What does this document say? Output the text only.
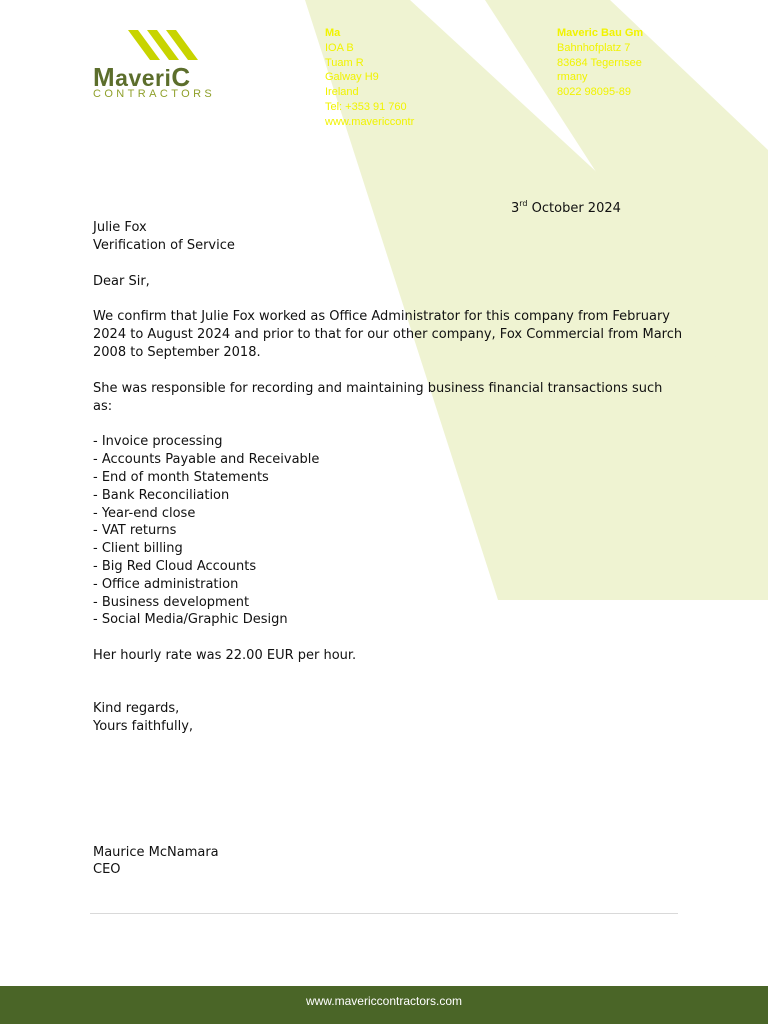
MaveriC
CONTRACTORS
Ma
IOA B
Tuam R
Galway H9
Ireland
Tel: +353 91 760
www.mavericcontr
Maveric Bau Gm
Bahnhofplatz 7
83684 Tegernsee
rmany
8022 98095-89
3rd October 2024

Julie Fox

Verification of Service

Dear Sir,

We confirm that Julie Fox worked as Office Administrator for this company from February 2024 to August 2024 and prior to that for our other company, Fox Commercial from March 2008 to September 2018.

She was responsible for recording and maintaining business financial transactions such as:

- Invoice processing

- Accounts Payable and Receivable

- End of month Statements

- Bank Reconciliation

- Year-end close

- VAT returns

- Client billing

- Big Red Cloud Accounts

- Office administration

- Business development

- Social Media/Graphic Design

Her hourly rate was 22.00 EUR per hour.

Kind regards,

Yours faithfully,

Maurice McNamara

CEO

www.mavericcontractors.com
